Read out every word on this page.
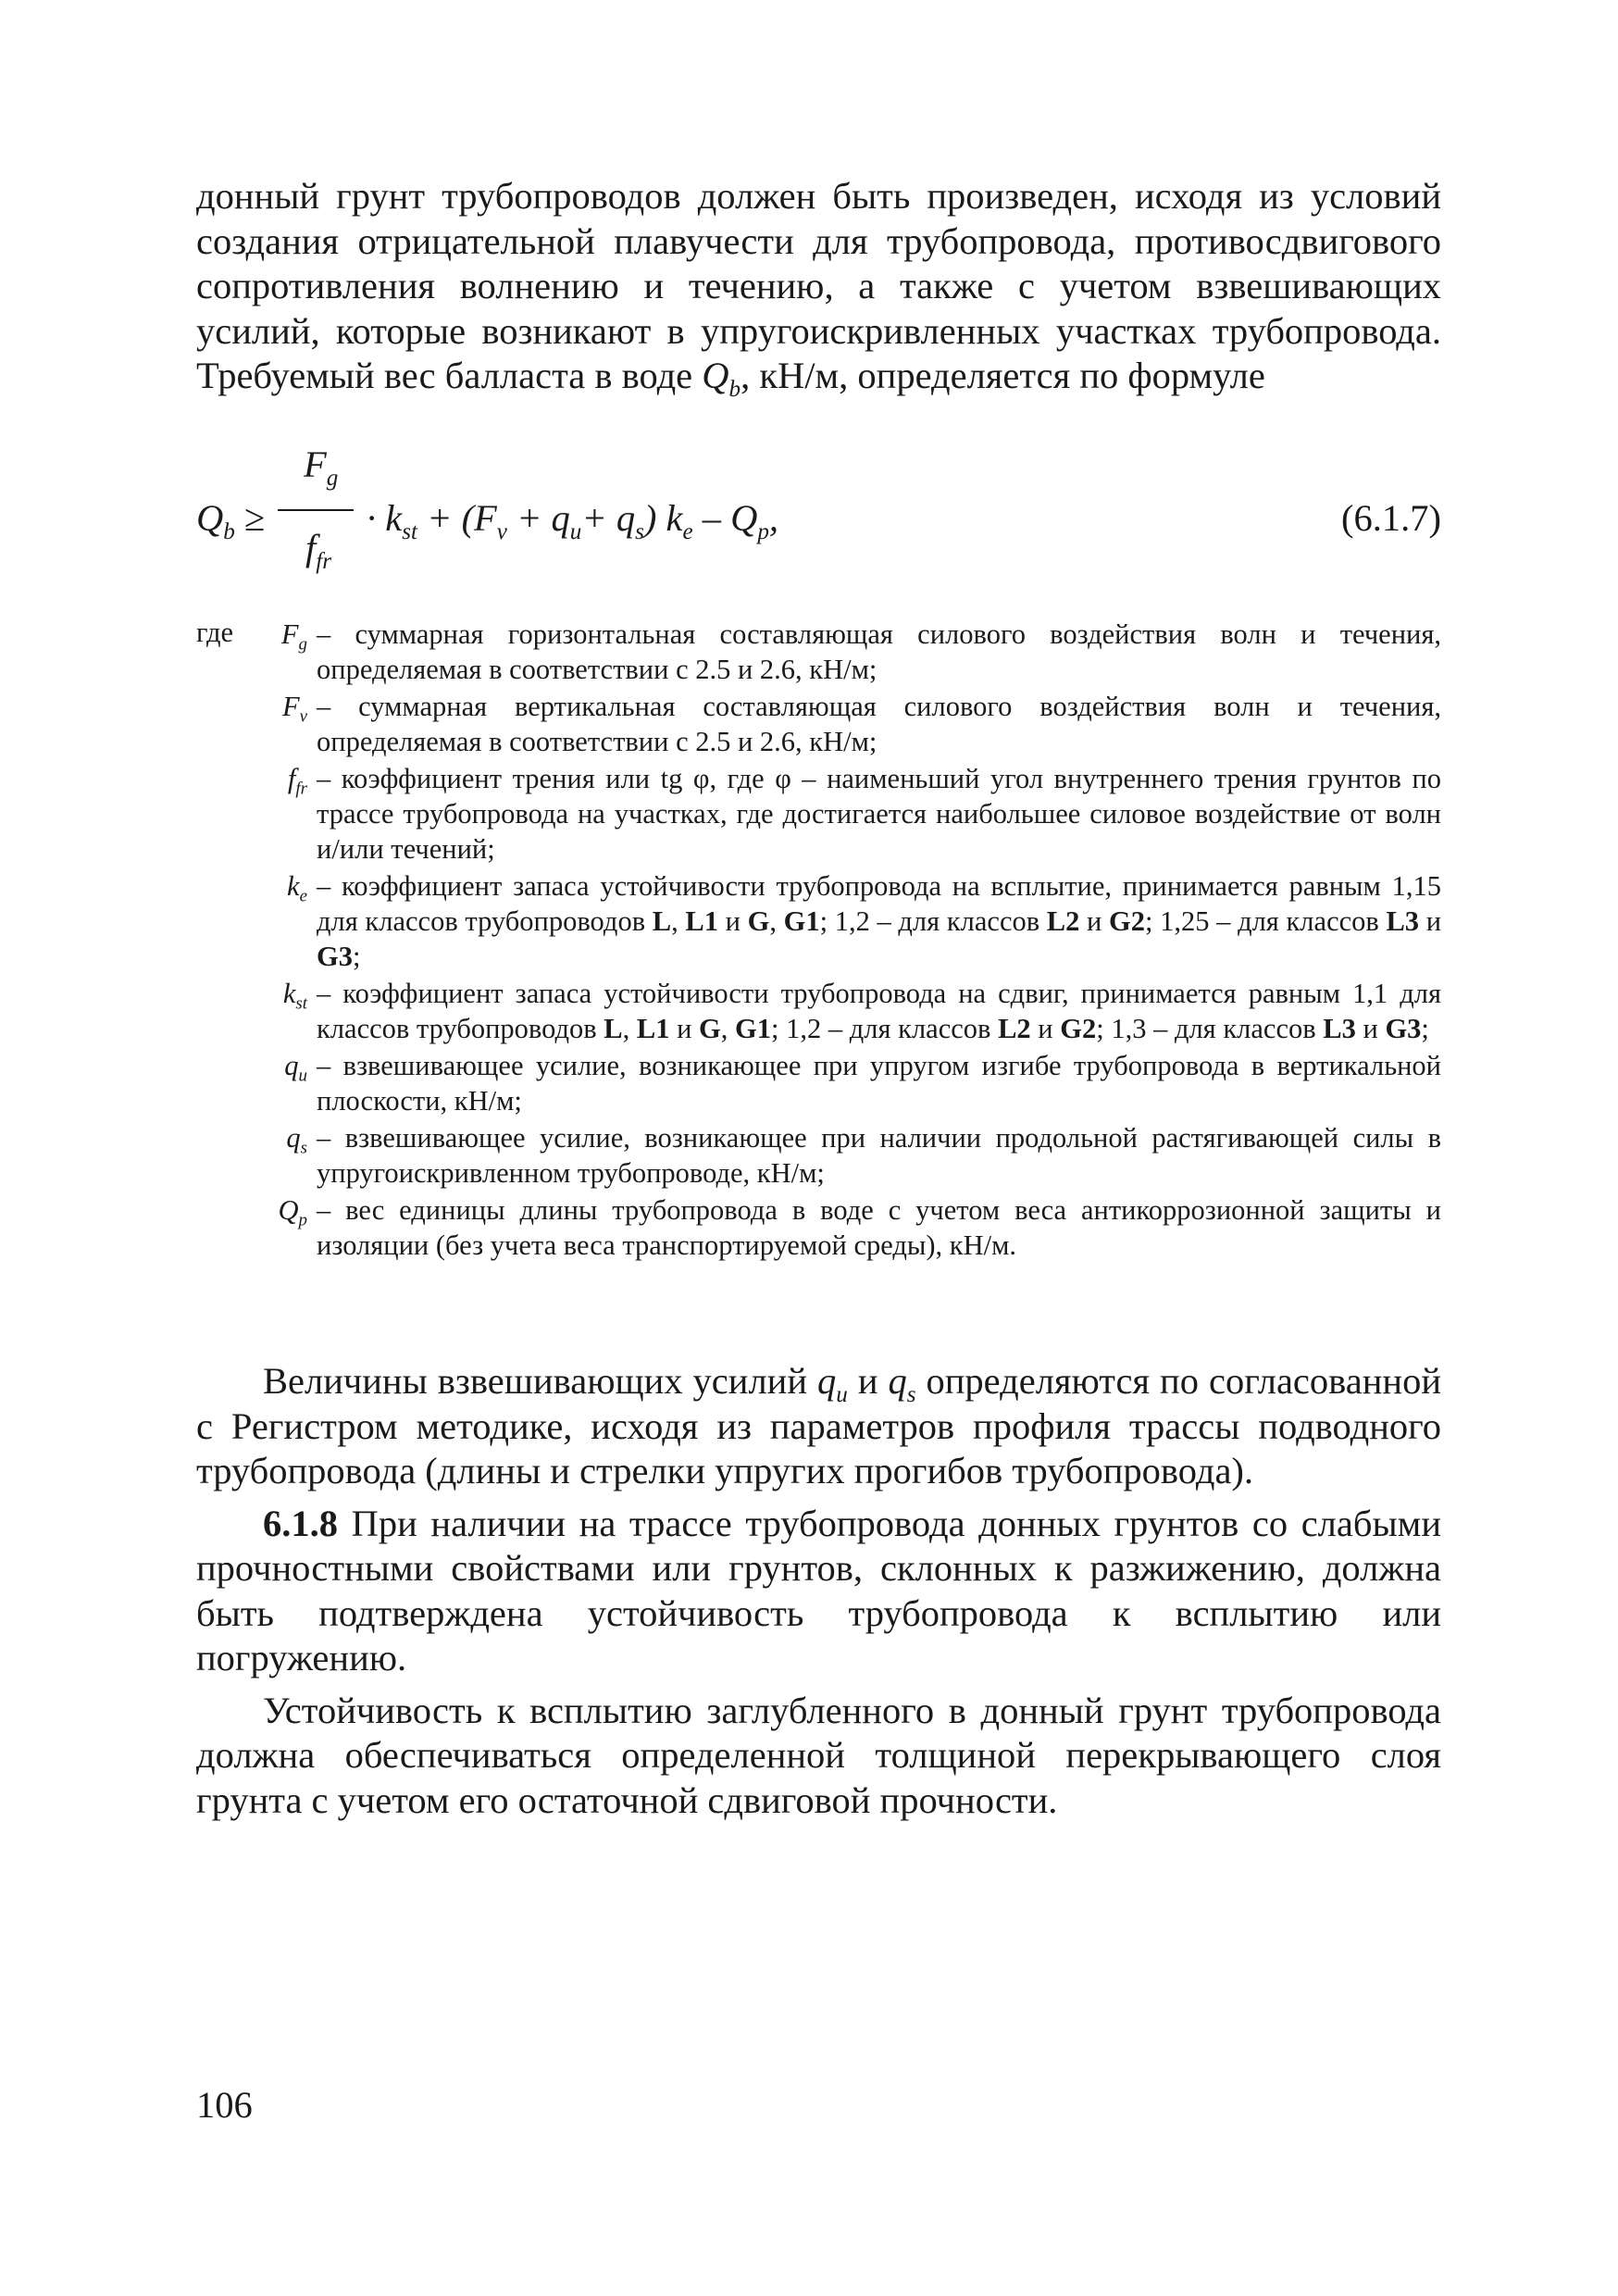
донный грунт трубопроводов должен быть произведен, исходя из условий создания отрицательной плавучести для трубопровода, противосдвигового сопротивления волнению и течению, а также с учетом взвешивающих усилий, которые возникают в упругоискривленных участках трубопровода. Требуемый вес балласта в воде $Q_b$, кН/м, определяется по формуле
$Q_b$ ≥
$F_g$
$f_{fr}$
· $k_{st} + (F_v + q_u+ q_s)$ $k_e - Q_p$,	(6.1.7)
где	$F_g$ – суммарная горизонтальная составляющая силового воздействия волн и течения, определяемая в соответствии с 2.5 и 2.6, кН/м;
$F_v$ – суммарная вертикальная составляющая силового воздействия волн и течения, определяемая в соответствии с 2.5 и 2.6, кН/м;
$f_{fr}$ – коэффициент трения или tg φ, где φ – наименьший угол внутреннего трения грунтов по трассе трубопровода на участках, где достигается наибольшее силовое воздействие от волн и/или течений;
$k_e$ – коэффициент запаса устойчивости трубопровода на всплытие, принимается равным 1,15 для классов трубопроводов L, L1 и G, G1; 1,2 – для классов L2 и G2; 1,25 – для классов L3 и G3;
$k_{st}$ – коэффициент запаса устойчивости трубопровода на сдвиг, принимается равным 1,1 для классов трубопроводов L, L1 и G, G1; 1,2 – для классов L2 и G2; 1,3 – для классов L3 и G3;
$q_u$ – взвешивающее усилие, возникающее при упругом изгибе трубопровода в вертикальной плоскости, кН/м;
$q_s$ – взвешивающее усилие, возникающее при наличии продольной растягивающей силы в упругоискривленном трубопроводе, кН/м;
$Q_p$ – вес единицы длины трубопровода в воде с учетом веса антикоррозионной защиты и изоляции (без учета веса транспортируемой среды), кН/м.

Величины взвешивающих усилий $q_u$ и $q_s$ определяются по согласованной с Регистром методике, исходя из параметров профиля трассы подводного трубопровода (длины и стрелки упругих прогибов трубопровода).

6.1.8 При наличии на трассе трубопровода донных грунтов со слабыми прочностными свойствами или грунтов, склонных к разжижению, должна быть подтверждена устойчивость трубопровода к всплытию или погружению.

Устойчивость к всплытию заглубленного в донный грунт трубопровода должна обеспечиваться определенной толщиной перекрывающего слоя грунта с учетом его остаточной сдвиговой прочности.

106
